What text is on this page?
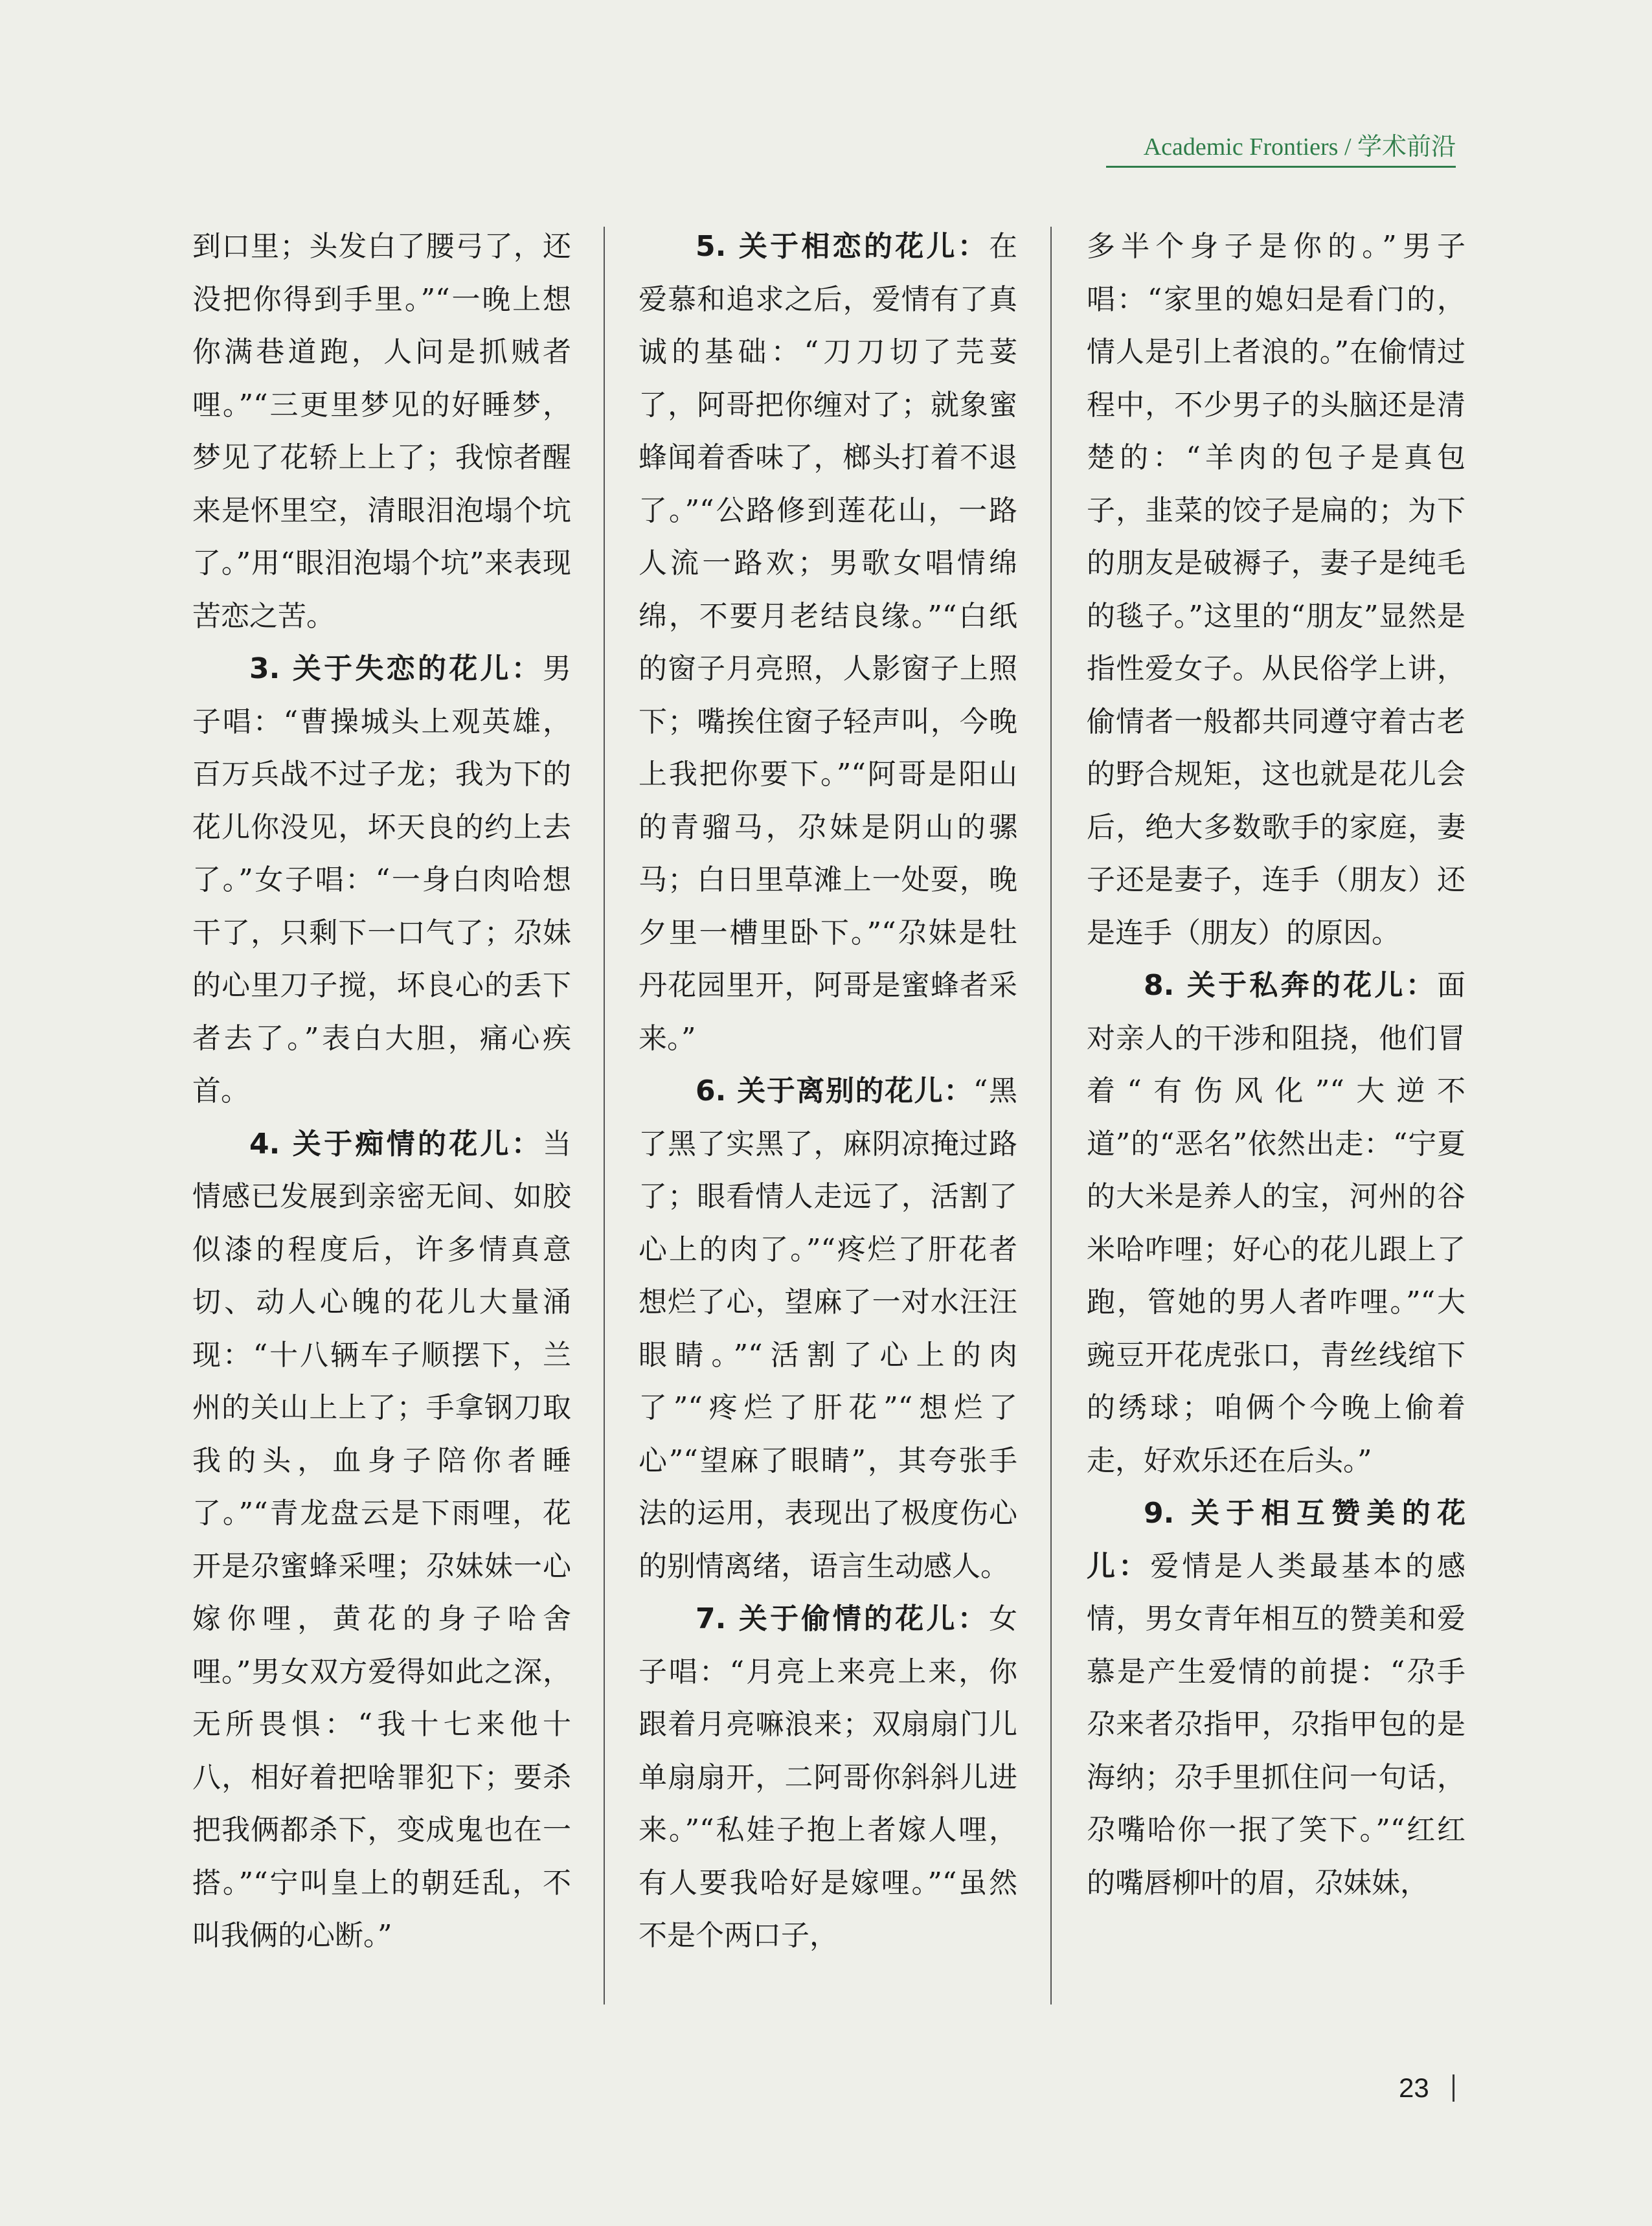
Academic Frontiers / 学术前沿

到口里；头发白了腰弓了，还没把你得到手里。”“一晚上想你满巷道跑，人问是抓贼者哩。”“三更里梦见的好睡梦，梦见了花轿上上了；我惊者醒来是怀里空，清眼泪泡塌个坑了。”用“眼泪泡塌个坑”来表现苦恋之苦。

3. 关于失恋的花儿：男子唱：“曹操城头上观英雄，百万兵战不过子龙；我为下的花儿你没见，坏天良的约上去了。”女子唱：“一身白肉哈想干了，只剩下一口气了；尕妹的心里刀子搅，坏良心的丢下者去了。”表白大胆，痛心疾首。

4. 关于痴情的花儿：当情感已发展到亲密无间、如胶似漆的程度后，许多情真意切、动人心魄的花儿大量涌现：“十八辆车子顺摆下，兰州的关山上上了；手拿钢刀取我的头，血身子陪你者睡了。”“青龙盘云是下雨哩，花开是尕蜜蜂采哩；尕妹妹一心嫁你哩，黄花的身子哈舍哩。”男女双方爱得如此之深，无所畏惧：“我十七来他十八，相好着把啥罪犯下；要杀把我俩都杀下，变成鬼也在一搭。”“宁叫皇上的朝廷乱，不叫我俩的心断。”

5. 关于相恋的花儿：在爱慕和追求之后，爱情有了真诚的基础：“刀刀切了芫荽了，阿哥把你缠对了；就象蜜蜂闻着香味了，榔头打着不退了。”“公路修到莲花山，一路人流一路欢；男歌女唱情绵绵，不要月老结良缘。”“白纸的窗子月亮照，人影窗子上照下；嘴挨住窗子轻声叫，今晚上我把你要下。”“阿哥是阳山的青骝马，尕妹是阴山的骡马；白日里草滩上一处耍，晚夕里一槽里卧下。”“尕妹是牡丹花园里开，阿哥是蜜蜂者采来。”

6. 关于离别的花儿：“黑了黑了实黑了，麻阴凉掩过路了；眼看情人走远了，活割了心上的肉了。”“疼烂了肝花者想烂了心，望麻了一对水汪汪眼睛。”“活割了心上的肉了”“疼烂了肝花”“想烂了心”“望麻了眼睛”，其夸张手法的运用，表现出了极度伤心的别情离绪，语言生动感人。

7. 关于偷情的花儿：女子唱：“月亮上来亮上来，你跟着月亮嘛浪来；双扇扇门儿单扇扇开，二阿哥你斜斜儿进来。”“私娃子抱上者嫁人哩，有人要我哈好是嫁哩。”“虽然不是个两口子，

多半个身子是你的。”男子唱：“家里的媳妇是看门的，情人是引上者浪的。”在偷情过程中，不少男子的头脑还是清楚的：“羊肉的包子是真包子，韭菜的饺子是扁的；为下的朋友是破褥子，妻子是纯毛的毯子。”这里的“朋友”显然是指性爱女子。从民俗学上讲，偷情者一般都共同遵守着古老的野合规矩，这也就是花儿会后，绝大多数歌手的家庭，妻子还是妻子，连手（朋友）还是连手（朋友）的原因。

8. 关于私奔的花儿：面对亲人的干涉和阻挠，他们冒着“有伤风化”“大逆不道”的“恶名”依然出走：“宁夏的大米是养人的宝，河州的谷米哈咋哩；好心的花儿跟上了跑，管她的男人者咋哩。”“大豌豆开花虎张口，青丝线绾下的绣球；咱俩个今晚上偷着走，好欢乐还在后头。”

9. 关于相互赞美的花儿：爱情是人类最基本的感情，男女青年相互的赞美和爱慕是产生爱情的前提：“尕手尕来者尕指甲，尕指甲包的是海纳；尕手里抓住问一句话，尕嘴哈你一抿了笑下。”“红红的嘴唇柳叶的眉，尕妹妹，

23
